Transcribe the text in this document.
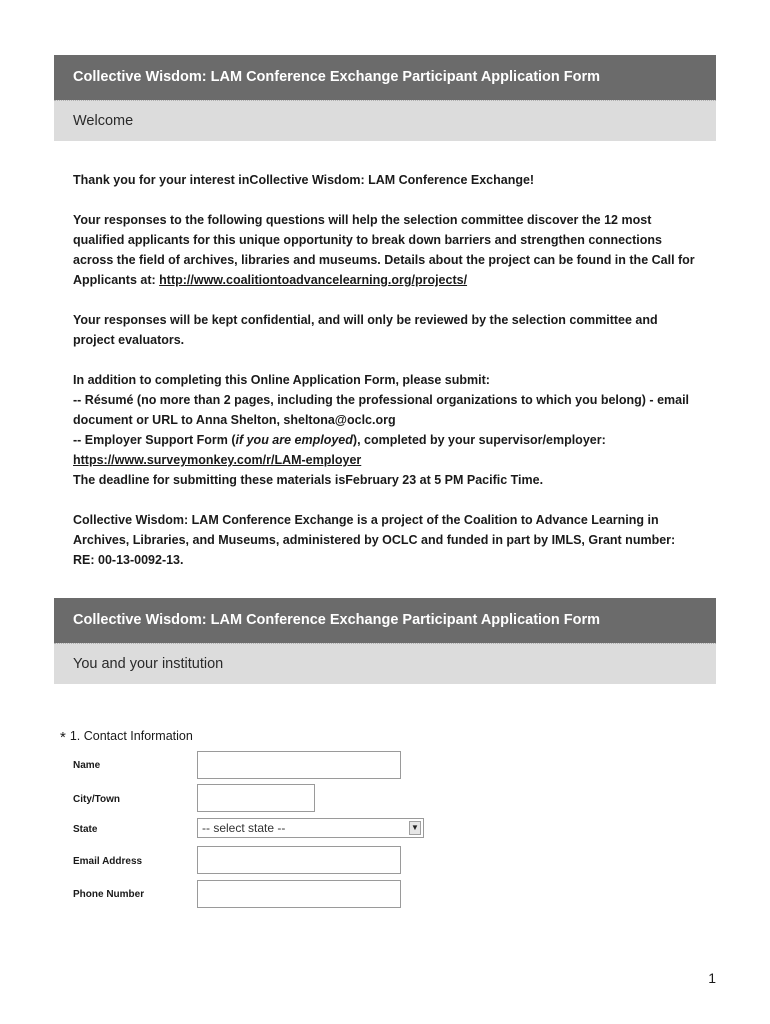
Collective Wisdom: LAM Conference Exchange Participant Application Form
Welcome

Thank you for your interest inCollective Wisdom: LAM Conference Exchange!

Your responses to the following questions will help the selection committee discover the 12 most qualified applicants for this unique opportunity to break down barriers and strengthen connections across the field of archives, libraries and museums. Details about the project can be found in the Call for Applicants at: http://www.coalitiontoadvancelearning.org/projects/

Your responses will be kept confidential, and will only be reviewed by the selection committee and project evaluators.

In addition to completing this Online Application Form, please submit:
-- Résumé (no more than 2 pages, including the professional organizations to which you belong) - email document or URL to Anna Shelton, sheltona@oclc.org
-- Employer Support Form (if you are employed), completed by your supervisor/employer:
https://www.surveymonkey.com/r/LAM-employer
The deadline for submitting these materials isFebruary 23 at 5 PM Pacific Time.

Collective Wisdom: LAM Conference Exchange is a project of the Coalition to Advance Learning in Archives, Libraries, and Museums, administered by OCLC and funded in part by IMLS, Grant number: RE: 00-13-0092-13.

Collective Wisdom: LAM Conference Exchange Participant Application Form
You and your institution
* 1. Contact Information
Name
City/Town
State	-- select state --	▼
Email Address
Phone Number
1
